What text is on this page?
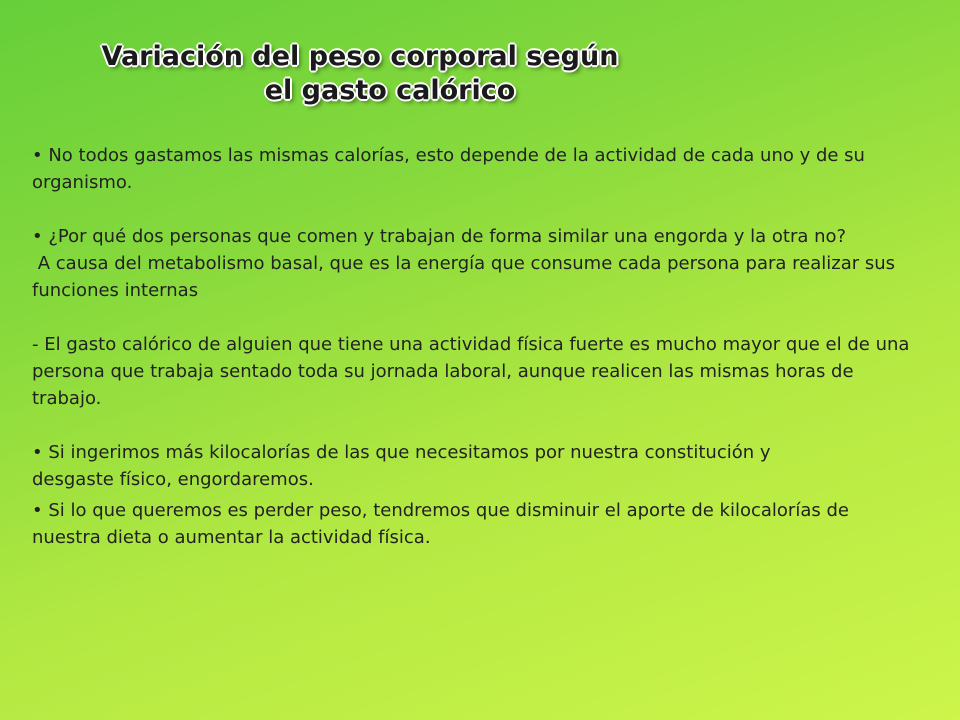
Variación del peso corporal según
el gasto calórico

• No todos gastamos las mismas calorías, esto depende de la actividad de cada uno y de su organismo.

• ¿Por qué dos personas que comen y trabajan de forma similar una engorda y la otra no?

A causa del metabolismo basal, que es la energía que consume cada persona para realizar sus funciones internas

- El gasto calórico de alguien que tiene una actividad física fuerte es mucho mayor que el de una persona que trabaja sentado toda su jornada laboral, aunque realicen las mismas horas de trabajo.

• Si ingerimos más kilocalorías de las que necesitamos por nuestra constitución y desgaste físico, engordaremos.

• Si lo que queremos es perder peso, tendremos que disminuir el aporte de kilocalorías de nuestra dieta o aumentar la actividad física.
